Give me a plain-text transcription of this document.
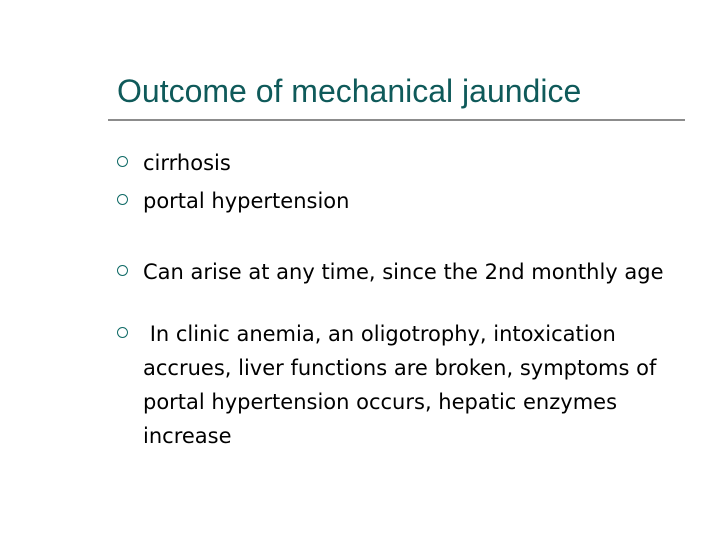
Outcome of mechanical jaundice
cirrhosis
portal hypertension
Can arise at any time, since the 2nd monthly age
In clinic anemia, an oligotrophy, intoxication accrues, liver functions are broken, symptoms of portal hypertension occurs, hepatic enzymes increase
